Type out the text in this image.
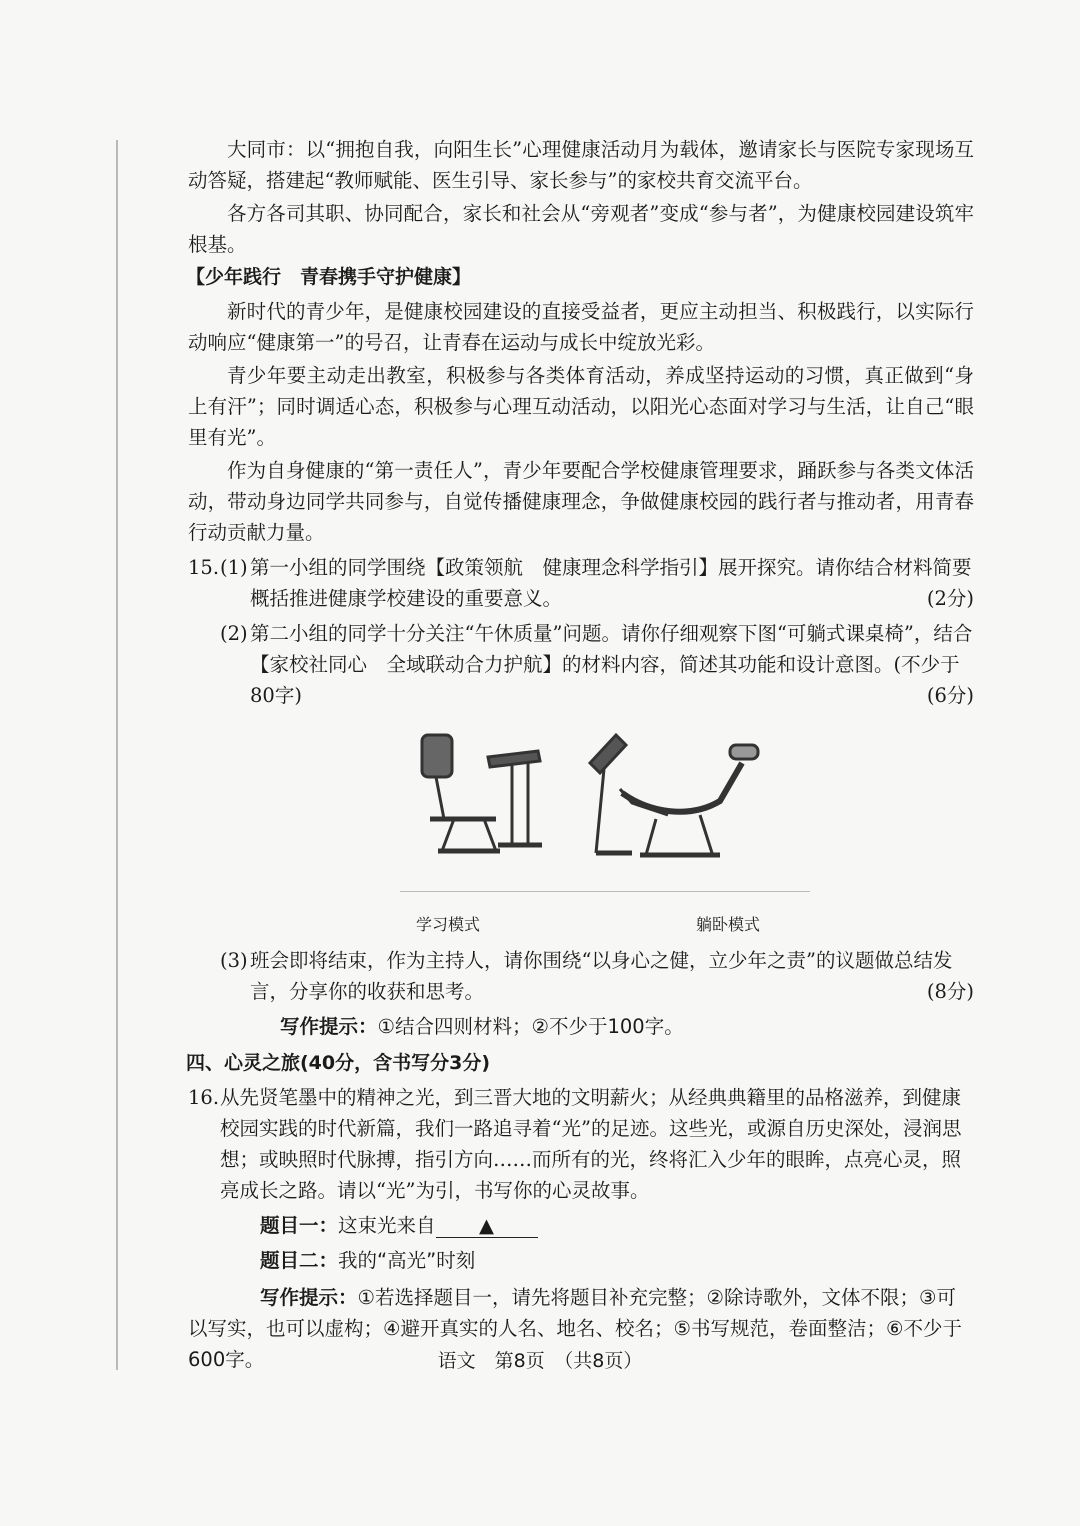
大同市：以“拥抱自我，向阳生长”心理健康活动月为载体，邀请家长与医院专家现场互动答疑，搭建起“教师赋能、医生引导、家长参与”的家校共育交流平台。

各方各司其职、协同配合，家长和社会从“旁观者”变成“参与者”，为健康校园建设筑牢根基。

【少年践行　青春携手守护健康】

新时代的青少年，是健康校园建设的直接受益者，更应主动担当、积极践行，以实际行动响应“健康第一”的号召，让青春在运动与成长中绽放光彩。

青少年要主动走出教室，积极参与各类体育活动，养成坚持运动的习惯，真正做到“身上有汗”；同时调适心态，积极参与心理互动活动，以阳光心态面对学习与生活，让自己“眼里有光”。

作为自身健康的“第一责任人”，青少年要配合学校健康管理要求，踊跃参与各类文体活动，带动身边同学共同参与，自觉传播健康理念，争做健康校园的践行者与推动者，用青春行动贡献力量。

15. (1) 第一小组的同学围绕【政策领航　健康理念科学指引】展开探究。请你结合材料简要概括推进健康学校建设的重要意义。	(2分)
(2) 第二小组的同学十分关注“午休质量”问题。请你仔细观察下图“可躺式课桌椅”，结合【家校社同心　全域联动合力护航】的材料内容，简述其功能和设计意图。(不少于80字)	(6分)
学习模式	躺卧模式
(3) 班会即将结束，作为主持人，请你围绕“以身心之健，立少年之责”的议题做总结发言，分享你的收获和思考。	(8分)
写作提示：①结合四则材料；②不少于100字。
四、心灵之旅(40分，含书写分3分)
16. 从先贤笔墨中的精神之光，到三晋大地的文明薪火；从经典典籍里的品格滋养，到健康校园实践的时代新篇，我们一路追寻着“光”的足迹。这些光，或源自历史深处，浸润思想；或映照时代脉搏，指引方向……而所有的光，终将汇入少年的眼眸，点亮心灵，照亮成长之路。请以“光”为引，书写你的心灵故事。
题目一：这束光来自 ▲
题目二：我的“高光”时刻
写作提示：①若选择题目一，请先将题目补充完整；②除诗歌外，文体不限；③可以写实，也可以虚构；④避开真实的人名、地名、校名；⑤书写规范，卷面整洁；⑥不少于600字。	语文　第8页　（共8页）
